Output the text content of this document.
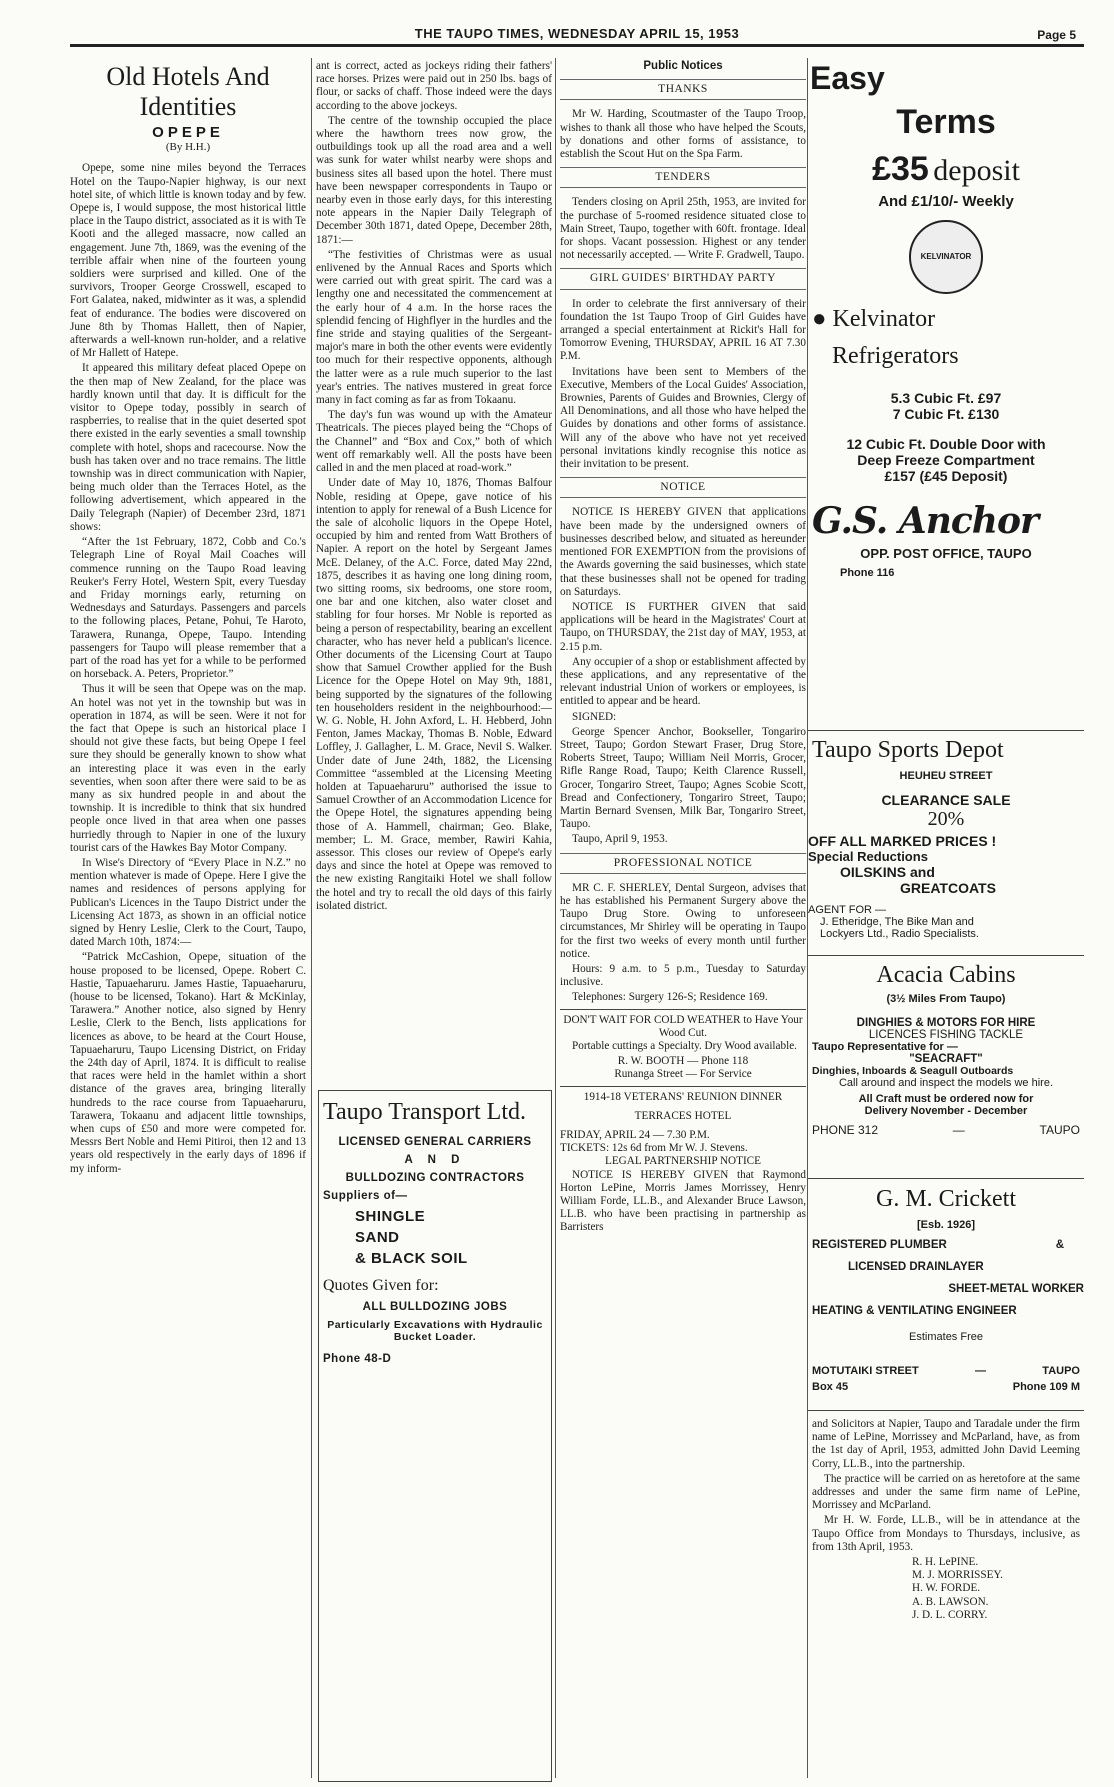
THE TAUPO TIMES, WEDNESDAY APRIL 15, 1953	Page 5
Old Hotels And
Identities
OPEPE
(By H.H.)

Opepe, some nine miles beyond the Terraces Hotel on the Taupo-Napier highway, is our next hotel site, of which little is known today and by few. Opepe is, I would suppose, the most historical little place in the Taupo district, associated as it is with Te Kooti and the alleged massacre, now called an engagement. June 7th, 1869, was the evening of the terrible affair when nine of the fourteen young soldiers were surprised and killed. One of the survivors, Trooper George Crosswell, escaped to Fort Galatea, naked, midwinter as it was, a splendid feat of endurance. The bodies were discovered on June 8th by Thomas Hallett, then of Napier, afterwards a well-known run-holder, and a relative of Mr Hallett of Hatepe.

It appeared this military defeat placed Opepe on the then map of New Zealand, for the place was hardly known until that day. It is difficult for the visitor to Opepe today, possibly in search of raspberries, to realise that in the quiet deserted spot there existed in the early seventies a small township complete with hotel, shops and racecourse. Now the bush has taken over and no trace remains. The little township was in direct communication with Napier, being much older than the Terraces Hotel, as the following advertisement, which appeared in the Daily Telegraph (Napier) of December 23rd, 1871 shows:

“After the 1st February, 1872, Cobb and Co.'s Telegraph Line of Royal Mail Coaches will commence running on the Taupo Road leaving Reuker's Ferry Hotel, Western Spit, every Tuesday and Friday mornings early, returning on Wednesdays and Saturdays. Passengers and parcels to the following places, Petane, Pohui, Te Haroto, Tarawera, Runanga, Opepe, Taupo. Intending passengers for Taupo will please remember that a part of the road has yet for a while to be performed on horseback. A. Peters, Proprietor.”

Thus it will be seen that Opepe was on the map. An hotel was not yet in the township but was in operation in 1874, as will be seen. Were it not for the fact that Opepe is such an historical place I should not give these facts, but being Opepe I feel sure they should be generally known to show what an interesting place it was even in the early seventies, when soon after there were said to be as many as six hundred people in and about the township. It is incredible to think that six hundred people once lived in that area when one passes hurriedly through to Napier in one of the luxury tourist cars of the Hawkes Bay Motor Company.

In Wise's Directory of “Every Place in N.Z.” no mention whatever is made of Opepe. Here I give the names and residences of persons applying for Publican's Licences in the Taupo District under the Licensing Act 1873, as shown in an official notice signed by Henry Leslie, Clerk to the Court, Taupo, dated March 10th, 1874:—

“Patrick McCashion, Opepe, situation of the house proposed to be licensed, Opepe. Robert C. Hastie, Tapuaeharuru. James Hastie, Tapuaeharuru, (house to be licensed, Tokano). Hart & McKinlay, Tarawera.” Another notice, also signed by Henry Leslie, Clerk to the Bench, lists applications for licences as above, to be heard at the Court House, Tapuaeharuru, Taupo Licensing District, on Friday the 24th day of April, 1874. It is difficult to realise that races were held in the hamlet within a short distance of the graves area, bringing literally hundreds to the race course from Tapuaeharuru, Tarawera, Tokaanu and adjacent little townships, when cups of £50 and more were competed for. Messrs Bert Noble and Hemi Pitiroi, then 12 and 13 years old respectively in the early days of 1896 if my inform-

ant is correct, acted as jockeys riding their fathers' race horses. Prizes were paid out in 250 lbs. bags of flour, or sacks of chaff. Those indeed were the days according to the above jockeys.

The centre of the township occupied the place where the hawthorn trees now grow, the outbuildings took up all the road area and a well was sunk for water whilst nearby were shops and business sites all based upon the hotel. There must have been newspaper correspondents in Taupo or nearby even in those early days, for this interesting note appears in the Napier Daily Telegraph of December 30th 1871, dated Opepe, December 28th, 1871:—

“The festivities of Christmas were as usual enlivened by the Annual Races and Sports which were carried out with great spirit. The card was a lengthy one and necessitated the commencement at the early hour of 4 a.m. In the horse races the splendid fencing of Highflyer in the hurdles and the fine stride and staying qualities of the Sergeant-major's mare in both the other events were evidently too much for their respective opponents, although the latter were as a rule much superior to the last year's entries. The natives mustered in great force many in fact coming as far as from Tokaanu.

The day's fun was wound up with the Amateur Theatricals. The pieces played being the “Chops of the Channel” and “Box and Cox,” both of which went off remarkably well. All the posts have been called in and the men placed at road-work.”

Under date of May 10, 1876, Thomas Balfour Noble, residing at Opepe, gave notice of his intention to apply for renewal of a Bush Licence for the sale of alcoholic liquors in the Opepe Hotel, occupied by him and rented from Watt Brothers of Napier. A report on the hotel by Sergeant James McE. Delaney, of the A.C. Force, dated May 22nd, 1875, describes it as having one long dining room, two sitting rooms, six bedrooms, one store room, one bar and one kitchen, also water closet and stabling for four horses. Mr Noble is reported as being a person of respectability, bearing an excellent character, who has never held a publican's licence. Other documents of the Licensing Court at Taupo show that Samuel Crowther applied for the Bush Licence for the Opepe Hotel on May 9th, 1881, being supported by the signatures of the following ten householders resident in the neighbourhood:— W. G. Noble, H. John Axford, L. H. Hebberd, John Fenton, James Mackay, Thomas B. Noble, Edward Loffley, J. Gallagher, L. M. Grace, Nevil S. Walker. Under date of June 24th, 1882, the Licensing Committee “assembled at the Licensing Meeting holden at Tapuaeharuru” authorised the issue to Samuel Crowther of an Accommodation Licence for the Opepe Hotel, the signatures appending being those of A. Hammell, chairman; Geo. Blake, member; L. M. Grace, member, Rawiri Kahia, assessor. This closes our review of Opepe's early days and since the hotel at Opepe was removed to the new existing Rangitaiki Hotel we shall follow the hotel and try to recall the old days of this fairly isolated district.

Taupo Transport Ltd.
LICENSED GENERAL CARRIERS
A N D
BULLDOZING CONTRACTORS
Suppliers of—
SHINGLE
SAND
& BLACK SOIL
Quotes Given for:
ALL BULLDOZING JOBS
Particularly Excavations with Hydraulic Bucket Loader.
Phone 48-D
Public Notices
THANKS

Mr W. Harding, Scoutmaster of the Taupo Troop, wishes to thank all those who have helped the Scouts, by donations and other forms of assistance, to establish the Scout Hut on the Spa Farm.

TENDERS

Tenders closing on April 25th, 1953, are invited for the purchase of 5-roomed residence situated close to Main Street, Taupo, together with 60ft. frontage. Ideal for shops. Vacant possession. Highest or any tender not necessarily accepted. — Write F. Gradwell, Taupo.

GIRL GUIDES' BIRTHDAY PARTY

In order to celebrate the first anniversary of their foundation the 1st Taupo Troop of Girl Guides have arranged a special entertainment at Rickit's Hall for Tomorrow Evening, THURSDAY, APRIL 16 AT 7.30 P.M.

Invitations have been sent to Members of the Executive, Members of the Local Guides' Association, Brownies, Parents of Guides and Brownies, Clergy of All Denominations, and all those who have helped the Guides by donations and other forms of assistance. Will any of the above who have not yet received personal invitations kindly recognise this notice as their invitation to be present.

NOTICE

NOTICE IS HEREBY GIVEN that applications have been made by the undersigned owners of businesses described below, and situated as hereunder mentioned FOR EXEMPTION from the provisions of the Awards governing the said businesses, which state that these businesses shall not be opened for trading on Saturdays.

NOTICE IS FURTHER GIVEN that said applications will be heard in the Magistrates' Court at Taupo, on THURSDAY, the 21st day of MAY, 1953, at 2.15 p.m.

Any occupier of a shop or establishment affected by these applications, and any representative of the relevant industrial Union of workers or employees, is entitled to appear and be heard.

SIGNED:

George Spencer Anchor, Bookseller, Tongariro Street, Taupo; Gordon Stewart Fraser, Drug Store, Roberts Street, Taupo; William Neil Morris, Grocer, Rifle Range Road, Taupo; Keith Clarence Russell, Grocer, Tongariro Street, Taupo; Agnes Scobie Scott, Bread and Confectionery, Tongariro Street, Taupo; Martin Bernard Svensen, Milk Bar, Tongariro Street, Taupo.

Taupo, April 9, 1953.

PROFESSIONAL NOTICE

MR C. F. SHERLEY, Dental Surgeon, advises that he has established his Permanent Surgery above the Taupo Drug Store. Owing to unforeseen circumstances, Mr Shirley will be operating in Taupo for the first two weeks of every month until further notice.

Hours: 9 a.m. to 5 p.m., Tuesday to Saturday inclusive.

Telephones: Surgery 126-S; Residence 169.

DON'T WAIT FOR COLD WEATHER to Have Your Wood Cut.

Portable cuttings a Specialty. Dry Wood available.

R. W. BOOTH — Phone 118
Runanga Street — For Service
1914-18 VETERANS' REUNION DINNER
TERRACES HOTEL
FRIDAY, APRIL 24 — 7.30 P.M.
TICKETS: 12s 6d from Mr W. J. Stevens.
LEGAL PARTNERSHIP NOTICE

NOTICE IS HEREBY GIVEN that Raymond Horton LePine, Morris James Morrissey, Henry William Forde, LL.B., and Alexander Bruce Lawson, LL.B. who have been practising in partnership as Barristers

Easy
Terms
£35 deposit
And £1/10/- Weekly
KELVINATOR
● Kelvinator
Refrigerators
5.3 Cubic Ft. £97
7 Cubic Ft. £130
12 Cubic Ft. Double Door with
Deep Freeze Compartment
£157 (£45 Deposit)
G.S. Anchor
OPP. POST OFFICE, TAUPO
Phone 116
Taupo Sports Depot
HEUHEU STREET
CLEARANCE SALE
20%
OFF ALL MARKED PRICES !
Special Reductions
OILSKINS and
GREATCOATS
AGENT FOR —
J. Etheridge, The Bike Man and
Lockyers Ltd., Radio Specialists.
Acacia Cabins
(3½ Miles From Taupo)
DINGHIES & MOTORS FOR HIRE
LICENCES FISHING TACKLE
Taupo Representative for —
"SEACRAFT"
Dinghies, Inboards & Seagull Outboards
Call around and inspect the models we hire.
All Craft must be ordered now for
Delivery November - December
PHONE 312	—	TAUPO
G. M. Crickett
[Esb. 1926]
REGISTERED PLUMBER	&
LICENSED DRAINLAYER
SHEET-METAL WORKER
HEATING & VENTILATING ENGINEER
Estimates Free
MOTUTAIKI STREET	—	TAUPO
Box 45	Phone 109 M

and Solicitors at Napier, Taupo and Taradale under the firm name of LePine, Morrissey and McParland, have, as from the 1st day of April, 1953, admitted John David Leeming Corry, LL.B., into the partnership.

The practice will be carried on as heretofore at the same addresses and under the same firm name of LePine, Morrissey and McParland.

Mr H. W. Forde, LL.B., will be in attendance at the Taupo Office from Mondays to Thursdays, inclusive, as from 13th April, 1953.

R. H. LePINE.
M. J. MORRISSEY.
H. W. FORDE.
A. B. LAWSON.
J. D. L. CORRY.
